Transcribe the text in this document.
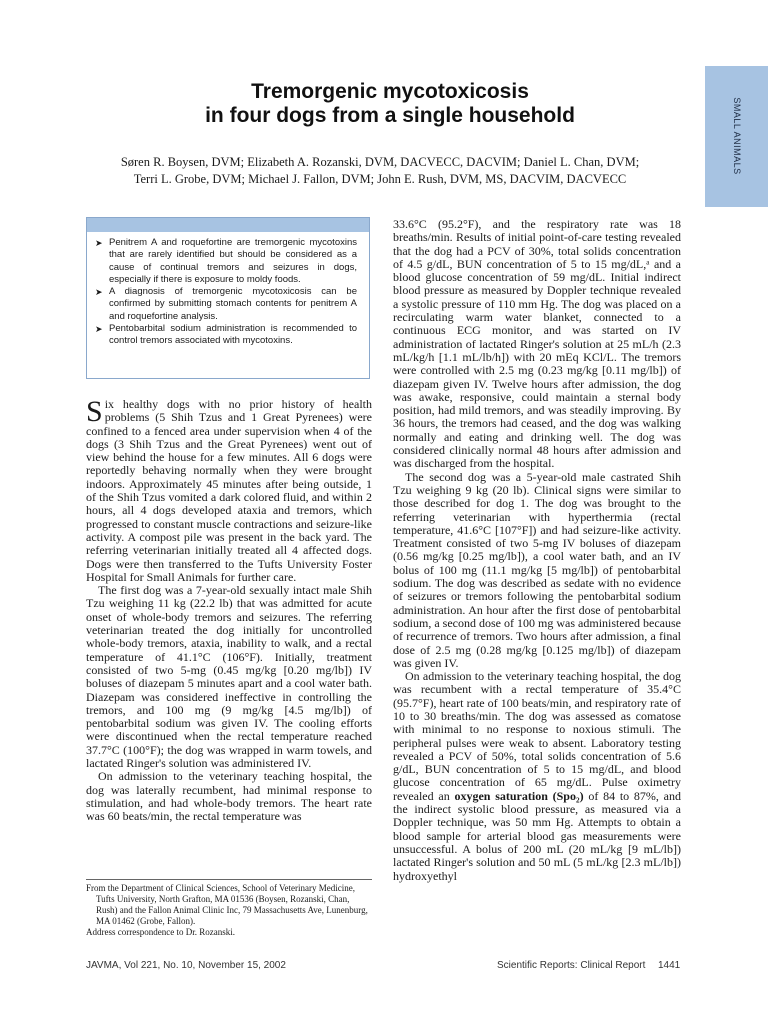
SMALL ANIMALS
Tremorgenic mycotoxicosis
in four dogs from a single household
Søren R. Boysen, DVM; Elizabeth A. Rozanski, DVM, DACVECC, DACVIM; Daniel L. Chan, DVM;
Terri L. Grobe, DVM; Michael J. Fallon, DVM; John E. Rush, DVM, MS, DACVIM, DACVECC
➤ Penitrem A and roquefortine are tremorgenic mycotoxins that are rarely identified but should be considered as a cause of continual tremors and seizures in dogs, especially if there is exposure to moldy foods.
➤ A diagnosis of tremorgenic mycotoxicosis can be confirmed by submitting stomach contents for penitrem A and roquefortine analysis.
➤ Pentobarbital sodium administration is recommended to control tremors associated with mycotoxins.

S ix healthy dogs with no prior history of health problems (5 Shih Tzus and 1 Great Pyrenees) were confined to a fenced area under supervision when 4 of the dogs (3 Shih Tzus and the Great Pyrenees) went out of view behind the house for a few minutes. All 6 dogs were reportedly behaving normally when they were brought indoors. Approximately 45 minutes after being outside, 1 of the Shih Tzus vomited a dark colored fluid, and within 2 hours, all 4 dogs developed ataxia and tremors, which progressed to constant muscle contractions and seizure-like activity. A compost pile was present in the back yard. The referring veterinarian initially treated all 4 affected dogs. Dogs were then transferred to the Tufts University Foster Hospital for Small Animals for further care.

The first dog was a 7-year-old sexually intact male Shih Tzu weighing 11 kg (22.2 lb) that was admitted for acute onset of whole-body tremors and seizures. The referring veterinarian treated the dog initially for uncontrolled whole-body tremors, ataxia, inability to walk, and a rectal temperature of 41.1°C (106°F). Initially, treatment consisted of two 5-mg (0.45 mg/kg [0.20 mg/lb]) IV boluses of diazepam 5 minutes apart and a cool water bath. Diazepam was considered ineffective in controlling the tremors, and 100 mg (9 mg/kg [4.5 mg/lb]) of pentobarbital sodium was given IV. The cooling efforts were discontinued when the rectal temperature reached 37.7°C (100°F); the dog was wrapped in warm towels, and lactated Ringer's solution was administered IV.

On admission to the veterinary teaching hospital, the dog was laterally recumbent, had minimal response to stimulation, and had whole-body tremors. The heart rate was 60 beats/min, the rectal temperature was

From the Department of Clinical Sciences, School of Veterinary Medicine, Tufts University, North Grafton, MA 01536 (Boysen, Rozanski, Chan, Rush) and the Fallon Animal Clinic Inc, 79 Massachusetts Ave, Lunenburg, MA 01462 (Grobe, Fallon).
Address correspondence to Dr. Rozanski.

33.6°C (95.2°F), and the respiratory rate was 18 breaths/min. Results of initial point-of-care testing revealed that the dog had a PCV of 30%, total solids concentration of 4.5 g/dL, BUN concentration of 5 to 15 mg/dL,ᵃ and a blood glucose concentration of 59 mg/dL. Initial indirect blood pressure as measured by Doppler technique revealed a systolic pressure of 110 mm Hg. The dog was placed on a recirculating warm water blanket, connected to a continuous ECG monitor, and was started on IV administration of lactated Ringer's solution at 25 mL/h (2.3 mL/kg/h [1.1 mL/lb/h]) with 20 mEq KCl/L. The tremors were controlled with 2.5 mg (0.23 mg/kg [0.11 mg/lb]) of diazepam given IV. Twelve hours after admission, the dog was awake, responsive, could maintain a sternal body position, had mild tremors, and was steadily improving. By 36 hours, the tremors had ceased, and the dog was walking normally and eating and drinking well. The dog was considered clinically normal 48 hours after admission and was discharged from the hospital.

The second dog was a 5-year-old male castrated Shih Tzu weighing 9 kg (20 lb). Clinical signs were similar to those described for dog 1. The dog was brought to the referring veterinarian with hyperthermia (rectal temperature, 41.6°C [107°F]) and had seizure-like activity. Treatment consisted of two 5-mg IV boluses of diazepam (0.56 mg/kg [0.25 mg/lb]), a cool water bath, and an IV bolus of 100 mg (11.1 mg/kg [5 mg/lb]) of pentobarbital sodium. The dog was described as sedate with no evidence of seizures or tremors following the pentobarbital sodium administration. An hour after the first dose of pentobarbital sodium, a second dose of 100 mg was administered because of recurrence of tremors. Two hours after admission, a final dose of 2.5 mg (0.28 mg/kg [0.125 mg/lb]) of diazepam was given IV.

On admission to the veterinary teaching hospital, the dog was recumbent with a rectal temperature of 35.4°C (95.7°F), heart rate of 100 beats/min, and respiratory rate of 10 to 30 breaths/min. The dog was assessed as comatose with minimal to no response to noxious stimuli. The peripheral pulses were weak to absent. Laboratory testing revealed a PCV of 50%, total solids concentration of 5.6 g/dL, BUN concentration of 5 to 15 mg/dL, and blood glucose concentration of 65 mg/dL. Pulse oximetry revealed an oxygen saturation (Spo₂) of 84 to 87%, and the indirect systolic blood pressure, as measured via a Doppler technique, was 50 mm Hg. Attempts to obtain a blood sample for arterial blood gas measurements were unsuccessful. A bolus of 200 mL (20 mL/kg [9 mL/lb]) lactated Ringer's solution and 50 mL (5 mL/kg [2.3 mL/lb]) hydroxyethyl

JAVMA, Vol 221, No. 10, November 15, 2002	Scientific Reports: Clinical Report 1441
